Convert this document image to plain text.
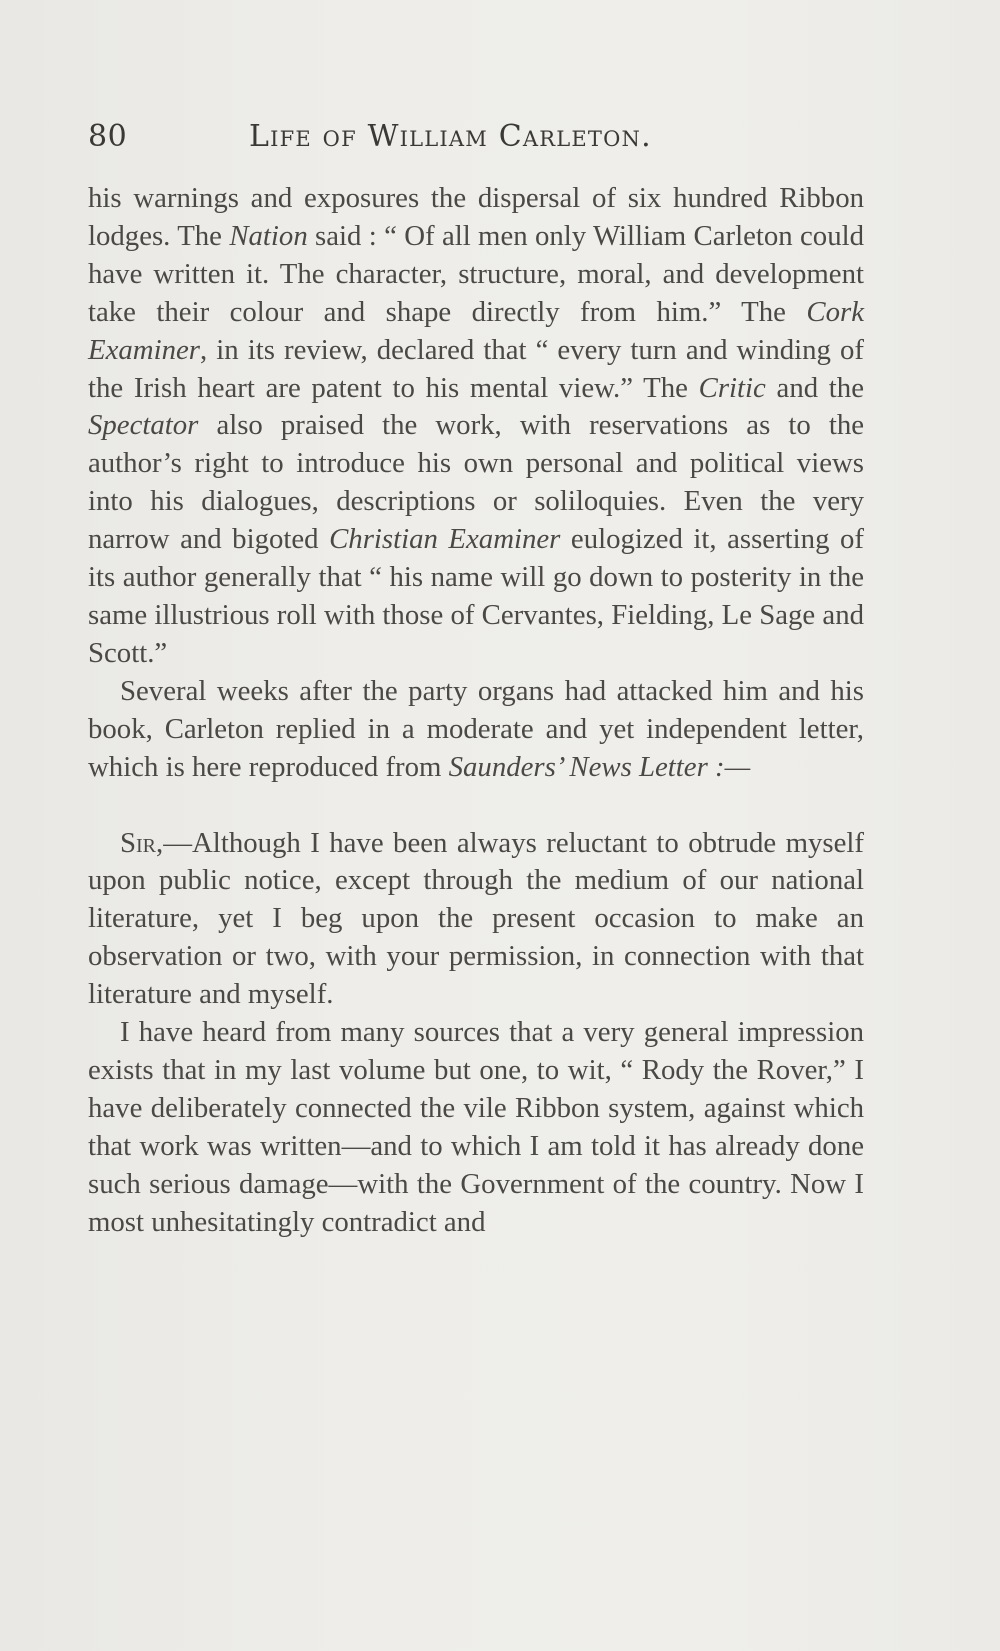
80	Life of William Carleton.

his warnings and exposures the dispersal of six hundred Ribbon lodges. The Nation said : “ Of all men only William Carleton could have written it. The character, structure, moral, and development take their colour and shape directly from him.” The Cork Examiner, in its review, declared that “ every turn and winding of the Irish heart are patent to his mental view.” The Critic and the Spectator also praised the work, with reservations as to the author’s right to introduce his own personal and political views into his dialogues, descriptions or soliloquies. Even the very narrow and bigoted Christian Examiner eulogized it, asserting of its author generally that “ his name will go down to posterity in the same illustrious roll with those of Cervantes, Fielding, Le Sage and Scott.”

Several weeks after the party organs had attacked him and his book, Carleton replied in a moderate and yet independent letter, which is here reproduced from Saunders’ News Letter :—

Sir,—Although I have been always reluctant to obtrude myself upon public notice, except through the medium of our national literature, yet I beg upon the present occasion to make an observation or two, with your permission, in connection with that literature and myself.

I have heard from many sources that a very general impression exists that in my last volume but one, to wit, “ Rody the Rover,” I have deliberately connected the vile Ribbon system, against which that work was written—and to which I am told it has already done such serious damage—with the Government of the country. Now I most unhesitatingly contradict and
